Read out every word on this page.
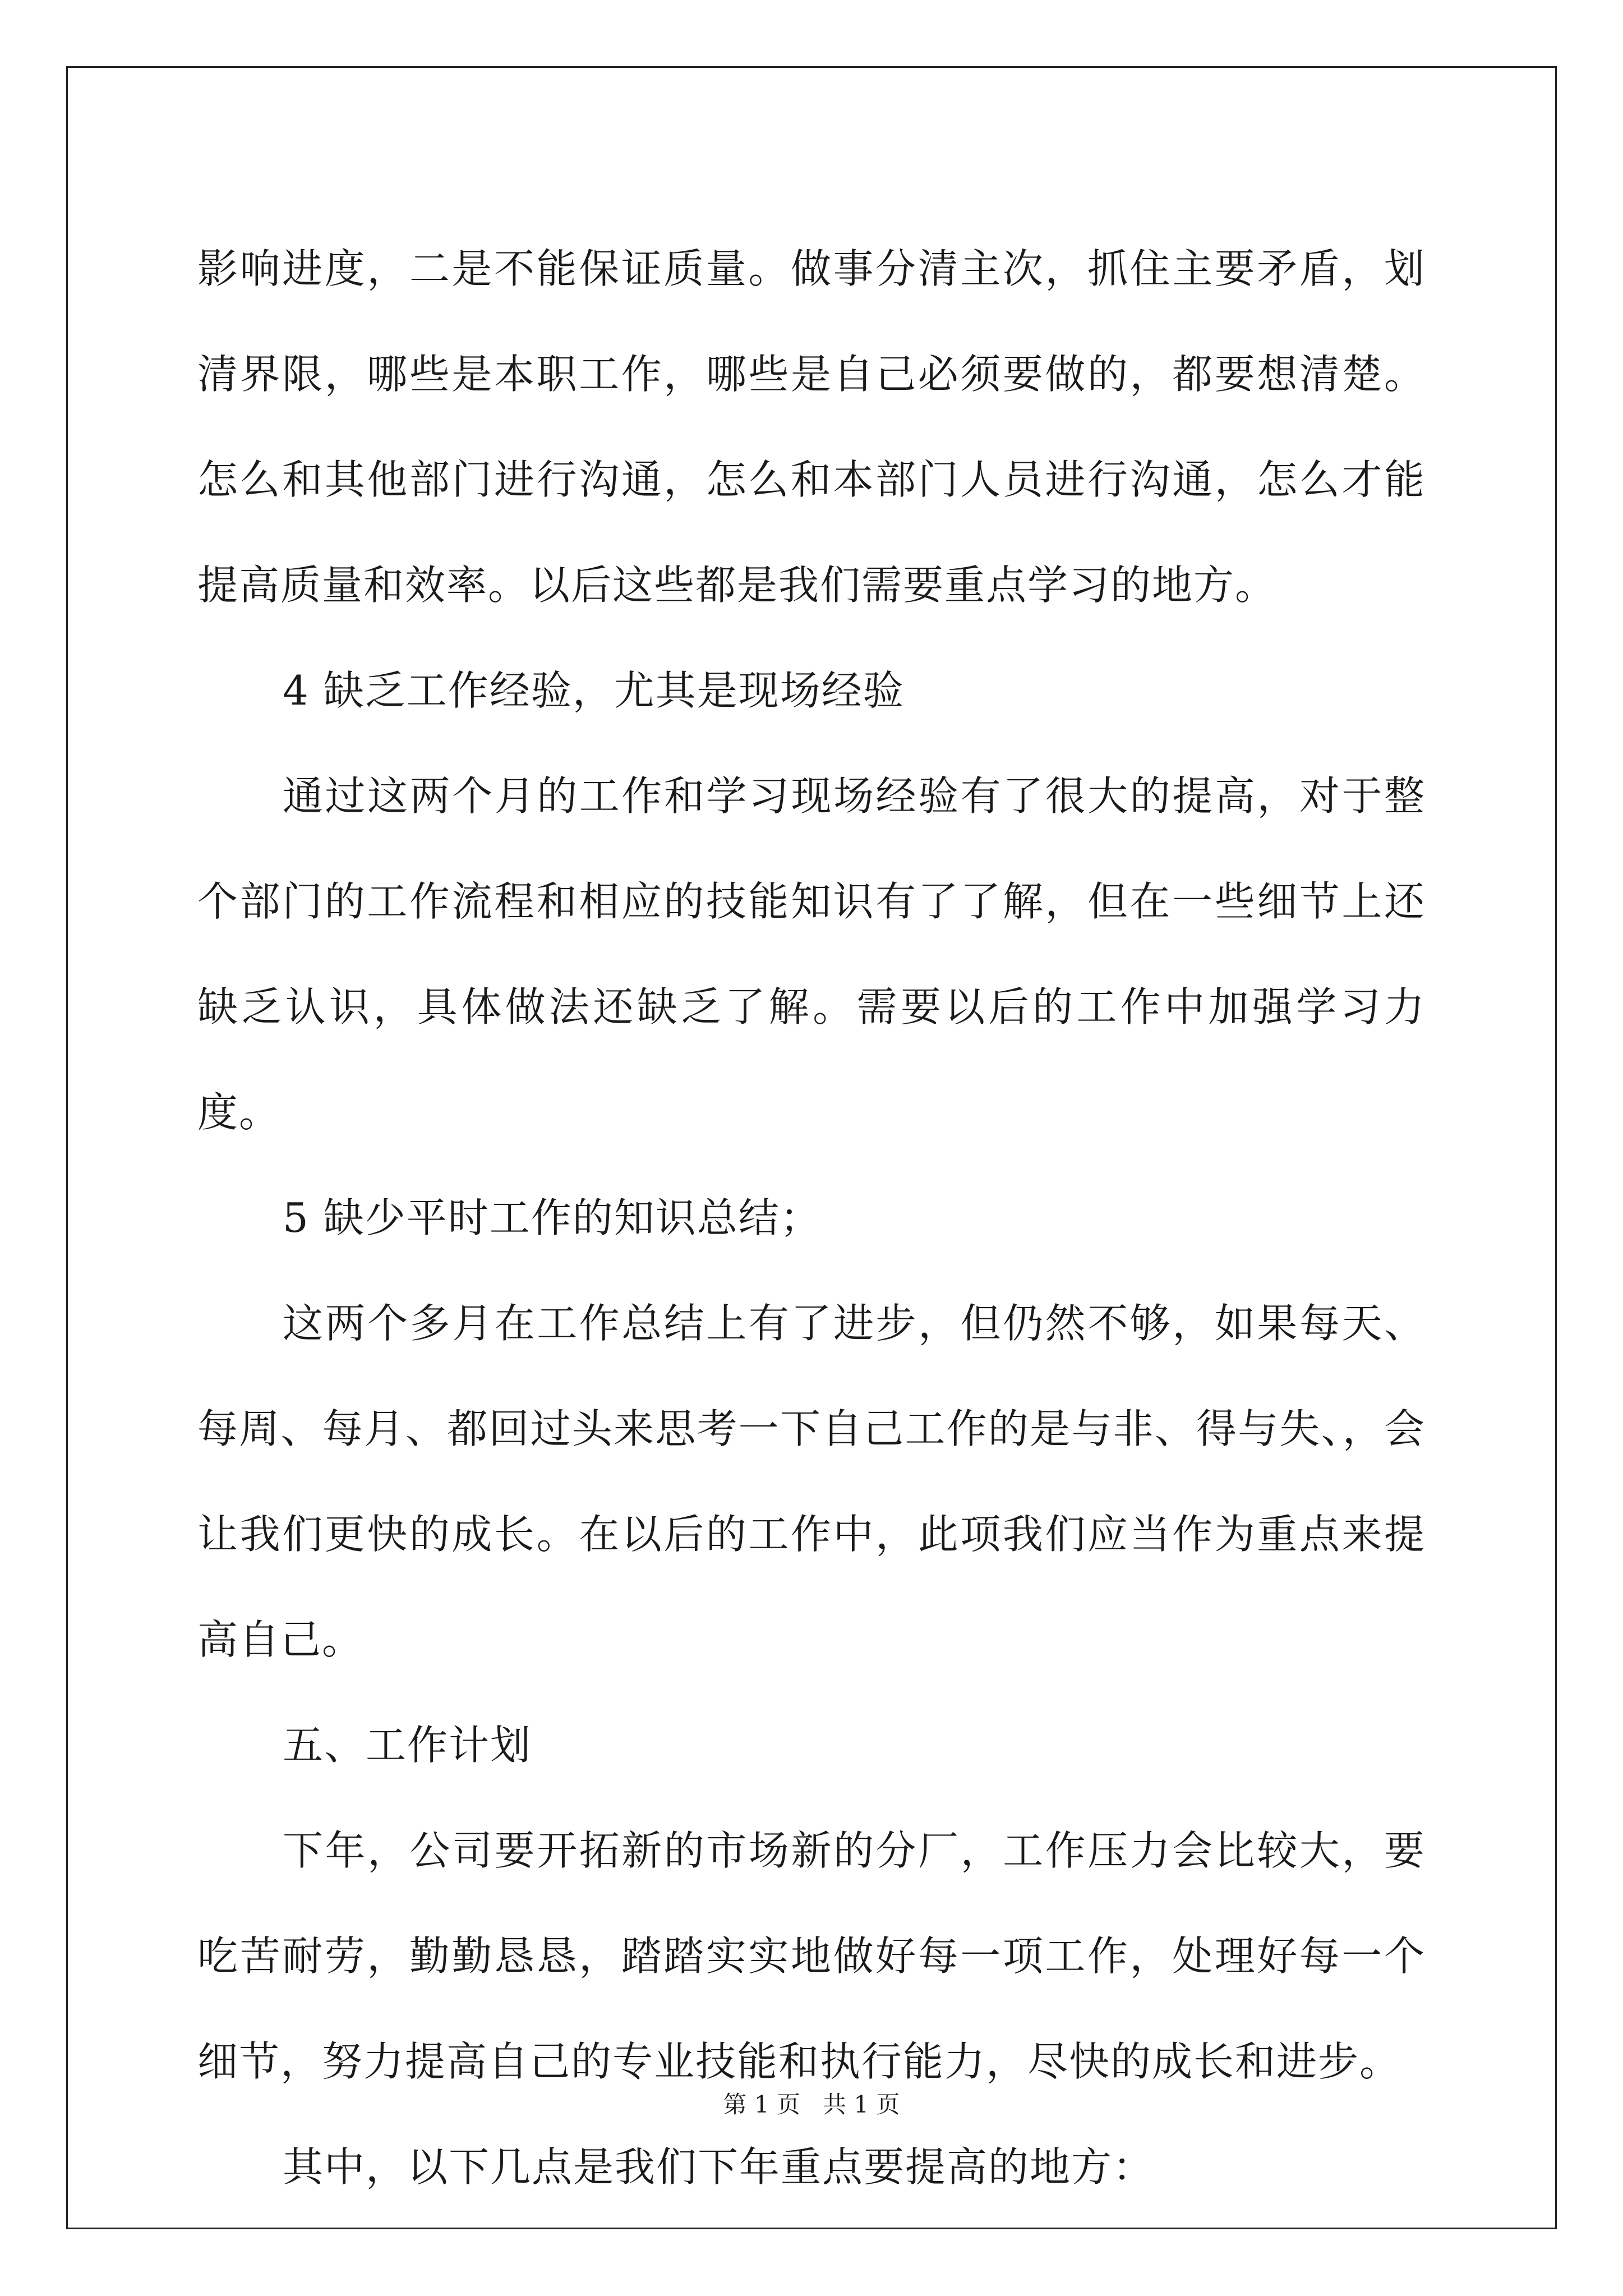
影响进度，二是不能保证质量。做事分清主次，抓住主要矛盾，划清界限，哪些是本职工作，哪些是自己必须要做的，都要想清楚。怎么和其他部门进行沟通，怎么和本部门人员进行沟通，怎么才能提高质量和效率。以后这些都是我们需要重点学习的地方。

4 缺乏工作经验，尤其是现场经验

通过这两个月的工作和学习现场经验有了很大的提高，对于整个部门的工作流程和相应的技能知识有了了解，但在一些细节上还缺乏认识，具体做法还缺乏了解。需要以后的工作中加强学习力度。

5 缺少平时工作的知识总结；

这两个多月在工作总结上有了进步，但仍然不够，如果每天、每周、每月、都回过头来思考一下自己工作的是与非、得与失、，会让我们更快的成长。在以后的工作中，此项我们应当作为重点来提高自己。

五、工作计划

下年，公司要开拓新的市场新的分厂，工作压力会比较大，要吃苦耐劳，勤勤恳恳，踏踏实实地做好每一项工作，处理好每一个细节，努力提高自己的专业技能和执行能力，尽快的成长和进步。

其中，以下几点是我们下年重点要提高的地方：

第 1 页   共 1 页
